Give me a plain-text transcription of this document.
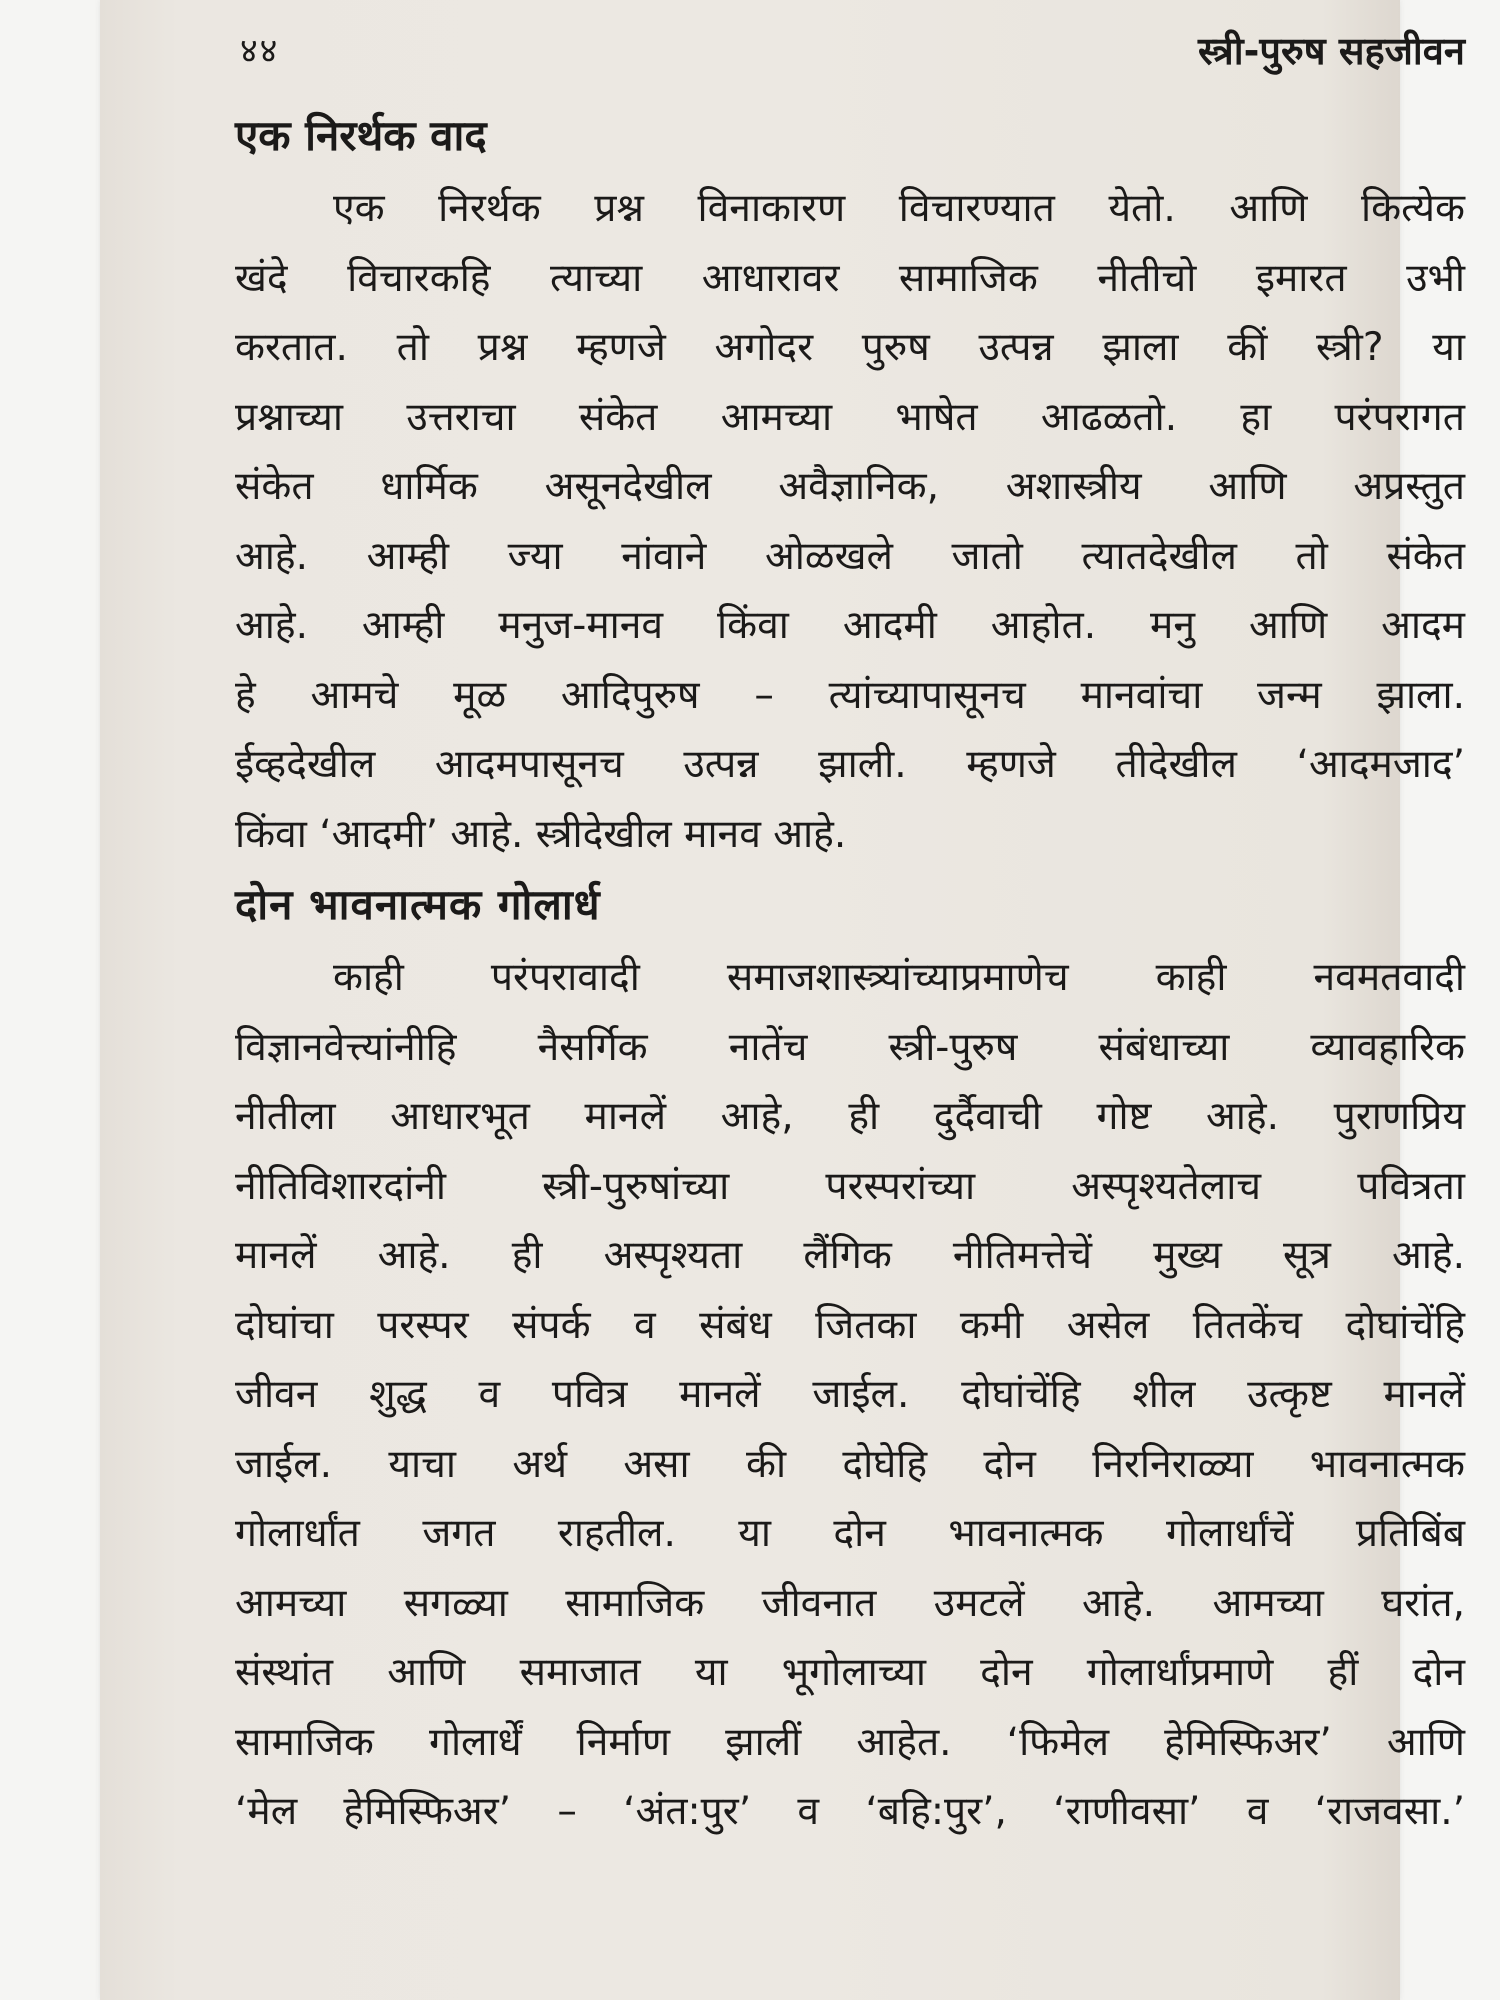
४४	स्त्री-पुरुष सहजीवन
एक निरर्थक वाद
एक निरर्थक प्रश्न विनाकारण विचारण्यात येतो. आणि कित्येक
खंदे विचारकहि त्याच्या आधारावर सामाजिक नीतीचो इमारत उभी
करतात. तो प्रश्न म्हणजे अगोदर पुरुष उत्पन्न झाला कीं स्त्री? या
प्रश्नाच्या उत्तराचा संकेत आमच्या भाषेत आढळतो. हा परंपरागत
संकेत धार्मिक असूनदेखील अवैज्ञानिक, अशास्त्रीय आणि अप्रस्तुत
आहे. आम्ही ज्या नांवाने ओळखले जातो त्यातदेखील तो संकेत
आहे. आम्ही मनुज-मानव किंवा आदमी आहोत. मनु आणि आदम
हे आमचे मूळ आदिपुरुष – त्यांच्यापासूनच मानवांचा जन्म झाला.
ईव्हदेखील आदमपासूनच उत्पन्न झाली. म्हणजे तीदेखील ‘आदमजाद’
किंवा ‘आदमी’ आहे. स्त्रीदेखील मानव आहे.
दोन भावनात्मक गोलार्ध
काही परंपरावादी समाजशास्त्र्यांच्याप्रमाणेच काही नवमतवादी
विज्ञानवेत्त्यांनीहि नैसर्गिक नातेंच स्त्री-पुरुष संबंधाच्या व्यावहारिक
नीतीला आधारभूत मानलें आहे, ही दुर्दैवाची गोष्ट आहे. पुराणप्रिय
नीतिविशारदांनी स्त्री-पुरुषांच्या परस्परांच्या अस्पृश्यतेलाच पवित्रता
मानलें आहे. ही अस्पृश्यता लैंगिक नीतिमत्तेचें मुख्य सूत्र आहे.
दोघांचा परस्पर संपर्क व संबंध जितका कमी असेल तितकेंच दोघांचेंहि
जीवन शुद्ध व पवित्र मानलें जाईल. दोघांचेंहि शील उत्कृष्ट मानलें
जाईल. याचा अर्थ असा की दोघेहि दोन निरनिराळ्या भावनात्मक
गोलार्धांत जगत राहतील. या दोन भावनात्मक गोलार्धांचें प्रतिबिंब
आमच्या सगळ्या सामाजिक जीवनात उमटलें आहे. आमच्या घरांत,
संस्थांत आणि समाजात या भूगोलाच्या दोन गोलार्धांप्रमाणे हीं दोन
सामाजिक गोलार्धें निर्माण झालीं आहेत. ‘फिमेल हेमिस्फिअर’ आणि
‘मेल हेमिस्फिअर’ – ‘अंत:पुर’ व ‘बहि:पुर’, ‘राणीवसा’ व ‘राजवसा.’
